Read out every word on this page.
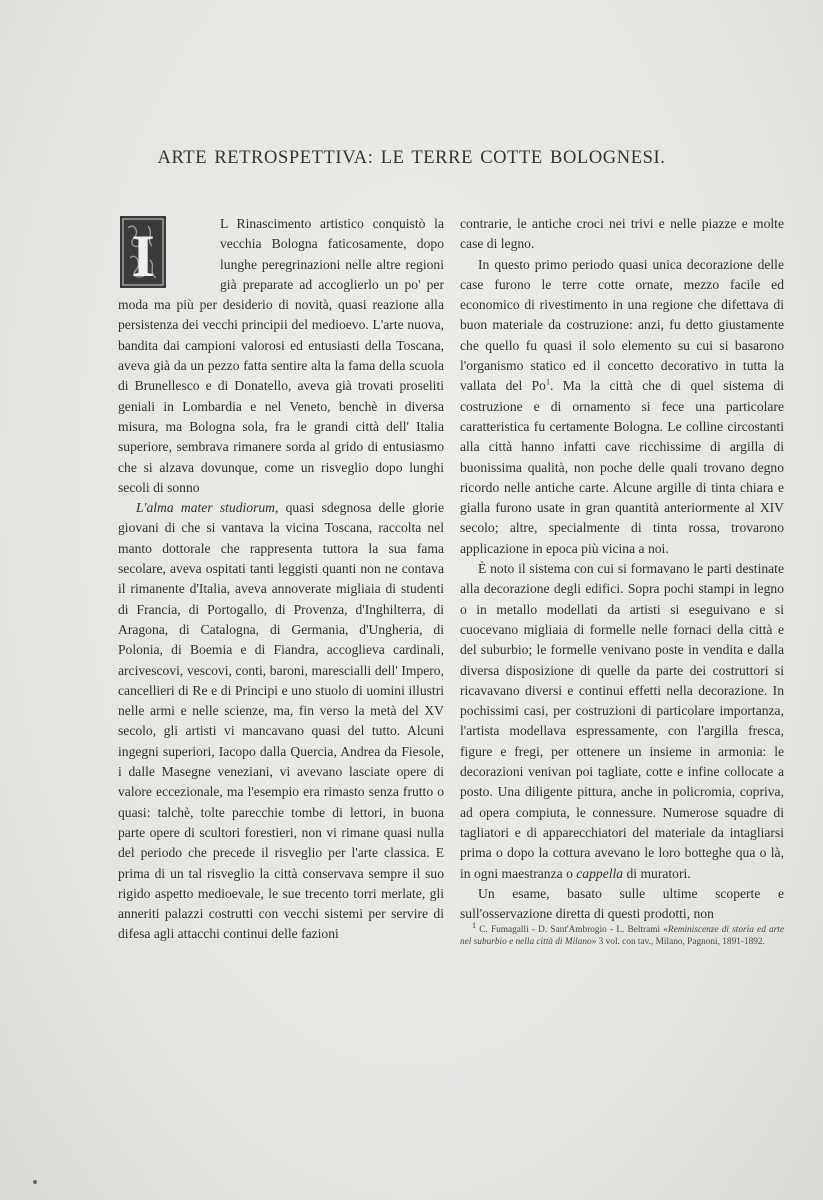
ARTE RETROSPETTIVA: LE TERRE COTTE BOLOGNESI.

I	L Rinascimento artistico conquistò la vecchia Bologna faticosamente, dopo lunghe peregrinazioni nelle altre regioni già preparate ad accoglierlo un po' per moda ma più per desiderio di novità, quasi reazione alla persistenza dei vecchi principii del medioevo. L'arte nuova, bandita dai campioni valorosi ed entusiasti della Toscana, aveva già da un pezzo fatta sentire alta la fama della scuola di Brunellesco e di Donatello, aveva già trovati proseliti geniali in Lombardia e nel Veneto, benchè in diversa misura, ma Bologna sola, fra le grandi città dell' Italia superiore, sembrava rimanere sorda al grido di entusiasmo che si alzava dovunque, come un risveglio dopo lunghi secoli di sonno

L'alma mater studiorum, quasi sdegnosa delle glorie giovani di che si vantava la vicina Toscana, raccolta nel manto dottorale che rappresenta tuttora la sua fama secolare, aveva ospitati tanti leggisti quanti non ne contava il rimanente d'Italia, aveva annoverate migliaia di studenti di Francia, di Portogallo, di Provenza, d'Inghilterra, di Aragona, di Catalogna, di Germania, d'Ungheria, di Polonia, di Boemia e di Fiandra, accoglieva cardinali, arcivescovi, vescovi, conti, baroni, marescialli dell' Impero, cancellieri di Re e di Principi e uno stuolo di uomini illustri nelle armi e nelle scienze, ma, fin verso la metà del XV secolo, gli artisti vi mancavano quasi del tutto. Alcuni ingegni superiori, Iacopo dalla Quercia, Andrea da Fiesole, i dalle Masegne veneziani, vi avevano lasciate opere di valore eccezionale, ma l'esempio era rimasto senza frutto o quasi: talchè, tolte parecchie tombe di lettori, in buona parte opere di scultori forestieri, non vi rimane quasi nulla del periodo che precede il risveglio per l'arte classica. E prima di un tal risveglio la città conservava sempre il suo rigido aspetto medioevale, le sue trecento torri merlate, gli anneriti palazzi costrutti con vecchi sistemi per servire di difesa agli attacchi continui delle fazioni

contrarie, le antiche croci nei trivi e nelle piazze e molte case di legno.

In questo primo periodo quasi unica decorazione delle case furono le terre cotte ornate, mezzo facile ed economico di rivestimento in una regione che difettava di buon materiale da costruzione: anzi, fu detto giustamente che quello fu quasi il solo elemento su cui si basarono l'organismo statico ed il concetto decorativo in tutta la vallata del Po$^1$. Ma la città che di quel sistema di costruzione e di ornamento si fece una particolare caratteristica fu certamente Bologna. Le colline circostanti alla città hanno infatti cave ricchissime di argilla di buonissima qualità, non poche delle quali trovano degno ricordo nelle antiche carte. Alcune argille di tinta chiara e gialla furono usate in gran quantità anteriormente al XIV secolo; altre, specialmente di tinta rossa, trovarono applicazione in epoca più vicina a noi.

È noto il sistema con cui si formavano le parti destinate alla decorazione degli edifici. Sopra pochi stampi in legno o in metallo modellati da artisti si eseguivano e si cuocevano migliaia di formelle nelle fornaci della città e del suburbio; le formelle venivano poste in vendita e dalla diversa disposizione di quelle da parte dei costruttori si ricavavano diversi e continui effetti nella decorazione. In pochissimi casi, per costruzioni di particolare importanza, l'artista modellava espressamente, con l'argilla fresca, figure e fregi, per ottenere un insieme in armonia: le decorazioni venivan poi tagliate, cotte e infine collocate a posto. Una diligente pittura, anche in policromia, copriva, ad opera compiuta, le connessure. Numerose squadre di tagliatori e di apparecchiatori del materiale da intagliarsi prima o dopo la cottura avevano le loro botteghe qua o là, in ogni maestranza o cappella di muratori.

Un esame, basato sulle ultime scoperte e sull'osservazione diretta di questi prodotti, non

1 C. Fumagalli - D. Sant'Ambrogio - L. Beltrami «Reminiscenze di storia ed arte nel suburbio e nella città di Milano» 3 vol. con tav., Milano, Pagnoni, 1891-1892.
